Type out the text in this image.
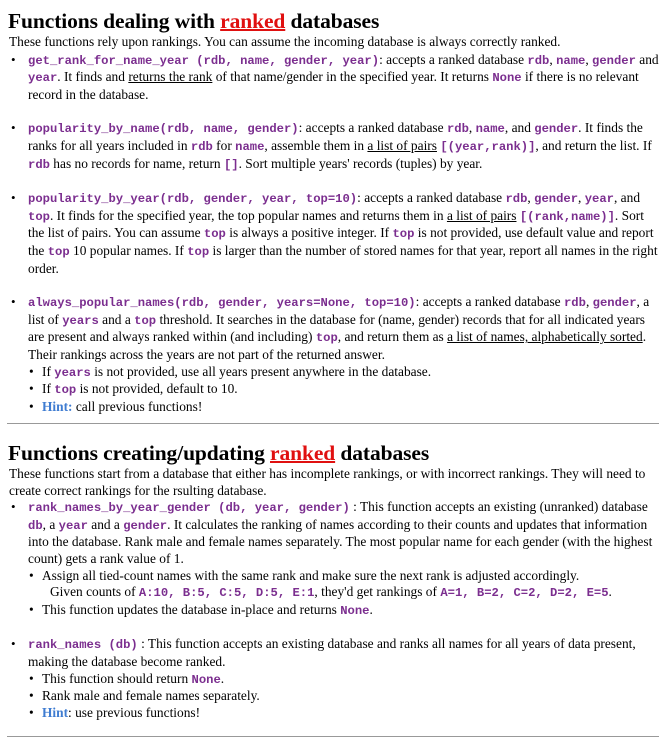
Functions dealing with ranked databases
These functions rely upon rankings. You can assume the incoming database is always correctly ranked.
• get_rank_for_name_year (rdb, name, gender, year): accepts a ranked database rdb, name, gender and year. It finds and returns the rank of that name/gender in the specified year. It returns None if there is no relevant record in the database.
• popularity_by_name(rdb, name, gender): accepts a ranked database rdb, name, and gender. It finds the ranks for all years included in rdb for name, assemble them in a list of pairs [(year,rank)], and return the list. If rdb has no records for name, return []. Sort multiple years' records (tuples) by year.
• popularity_by_year(rdb, gender, year, top=10): accepts a ranked database rdb, gender, year, and top. It finds for the specified year, the top popular names and returns them in a list of pairs [(rank,name)]. Sort the list of pairs. You can assume top is always a positive integer. If top is not provided, use default value and report the top 10 popular names. If top is larger than the number of stored names for that year, report all names in the right order.
• always_popular_names(rdb, gender, years=None, top=10): accepts a ranked database rdb, gender, a list of years and a top threshold. It searches in the database for (name, gender) records that for all indicated years are present and always ranked within (and including) top, and return them as a list of names, alphabetically sorted. Their rankings across the years are not part of the returned answer.
• If years is not provided, use all years present anywhere in the database.
• If top is not provided, default to 10.
• Hint: call previous functions!
Functions creating/updating ranked databases
These functions start from a database that either has incomplete rankings, or with incorrect rankings. They will need to create correct rankings for the rsulting database.
• rank_names_by_year_gender (db, year, gender) : This function accepts an existing (unranked) database db, a year and a gender. It calculates the ranking of names according to their counts and updates that information into the database. Rank male and female names separately. The most popular name for each gender (with the highest count) gets a rank value of 1.
• Assign all tied-count names with the same rank and make sure the next rank is adjusted accordingly.
Given counts of A:10, B:5, C:5, D:5, E:1, they'd get rankings of A=1, B=2, C=2, D=2, E=5.
• This function updates the database in-place and returns None.
• rank_names (db) : This function accepts an existing database and ranks all names for all years of data present, making the database become ranked.
• This function should return None.
• Rank male and female names separately.
• Hint: use previous functions!
